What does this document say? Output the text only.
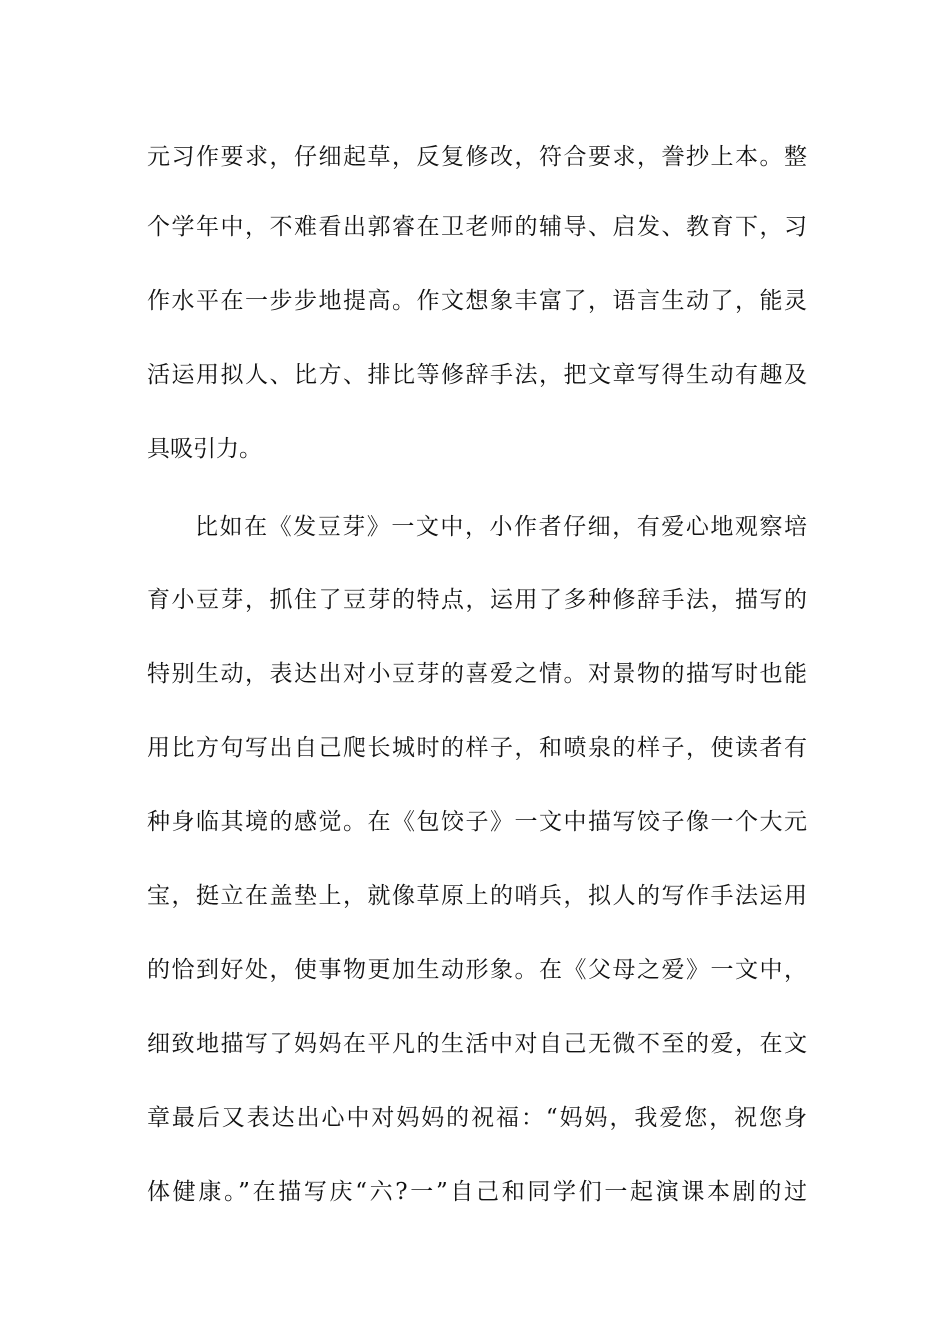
元习作要求，仔细起草，反复修改，符合要求，誊抄上本。整
个学年中，不难看出郭睿在卫老师的辅导、启发、教育下，习
作水平在一步步地提高。作文想象丰富了，语言生动了，能灵
活运用拟人、比方、排比等修辞手法，把文章写得生动有趣及
具吸引力。
比如在《发豆芽》一文中，小作者仔细，有爱心地观察培
育小豆芽，抓住了豆芽的特点，运用了多种修辞手法，描写的
特别生动，表达出对小豆芽的喜爱之情。对景物的描写时也能
用比方句写出自己爬长城时的样子，和喷泉的样子，使读者有
种身临其境的感觉。在《包饺子》一文中描写饺子像一个大元
宝，挺立在盖垫上，就像草原上的哨兵，拟人的写作手法运用
的恰到好处，使事物更加生动形象。在《父母之爱》一文中，
细致地描写了妈妈在平凡的生活中对自己无微不至的爱，在文
章最后又表达出心中对妈妈的祝福：“妈妈，我爱您，祝您身
体健康。”在描写庆“六?一”自己和同学们一起演课本剧的过
